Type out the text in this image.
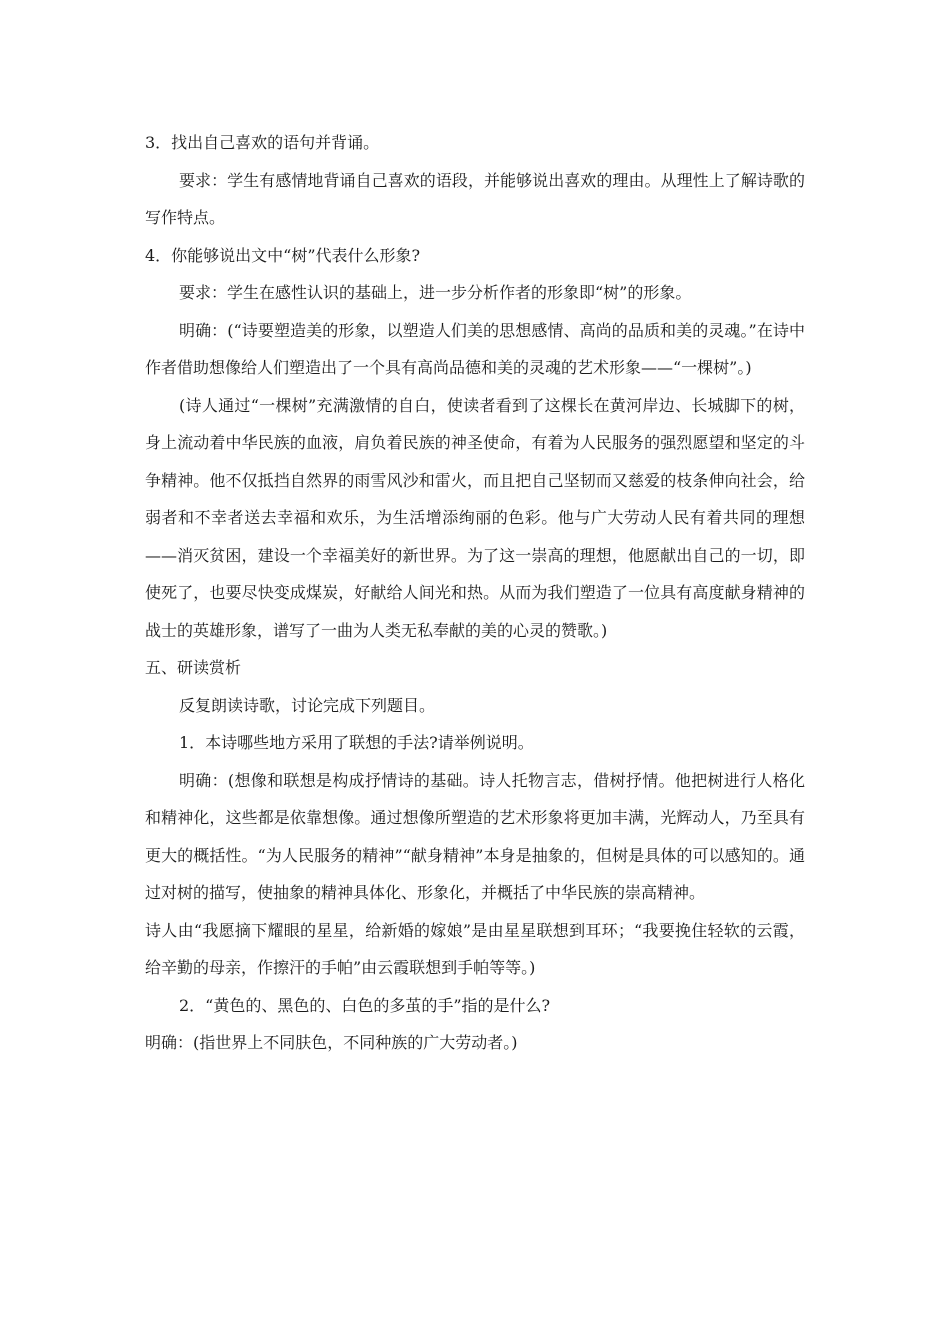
3．找出自己喜欢的语句并背诵。

要求：学生有感情地背诵自己喜欢的语段，并能够说出喜欢的理由。从理性上了解诗歌的写作特点。

4．你能够说出文中“树”代表什么形象?

要求：学生在感性认识的基础上，进一步分析作者的形象即“树”的形象。

明确：(“诗要塑造美的形象，以塑造人们美的思想感情、高尚的品质和美的灵魂。”在诗中作者借助想像给人们塑造出了一个具有高尚品德和美的灵魂的艺术形象——“一棵树”。)

(诗人通过“一棵树”充满激情的自白，使读者看到了这棵长在黄河岸边、长城脚下的树，身上流动着中华民族的血液，肩负着民族的神圣使命，有着为人民服务的强烈愿望和坚定的斗争精神。他不仅抵挡自然界的雨雪风沙和雷火，而且把自己坚韧而又慈爱的枝条伸向社会，给弱者和不幸者送去幸福和欢乐，为生活增添绚丽的色彩。他与广大劳动人民有着共同的理想——消灭贫困，建设一个幸福美好的新世界。为了这一崇高的理想，他愿献出自己的一切，即使死了，也要尽快变成煤炭，好献给人间光和热。从而为我们塑造了一位具有高度献身精神的战士的英雄形象，谱写了一曲为人类无私奉献的美的心灵的赞歌。)

五、研读赏析

反复朗读诗歌，讨论完成下列题目。

1．本诗哪些地方采用了联想的手法?请举例说明。

明确：(想像和联想是构成抒情诗的基础。诗人托物言志，借树抒情。他把树进行人格化和精神化，这些都是依靠想像。通过想像所塑造的艺术形象将更加丰满，光辉动人，乃至具有更大的概括性。“为人民服务的精神”“献身精神”本身是抽象的，但树是具体的可以感知的。通过对树的描写，使抽象的精神具体化、形象化，并概括了中华民族的崇高精神。

诗人由“我愿摘下耀眼的星星，给新婚的嫁娘”是由星星联想到耳环；“我要挽住轻软的云霞，给辛勤的母亲，作擦汗的手帕”由云霞联想到手帕等等。)

2．“黄色的、黑色的、白色的多茧的手”指的是什么?

明确：(指世界上不同肤色，不同种族的广大劳动者。)
